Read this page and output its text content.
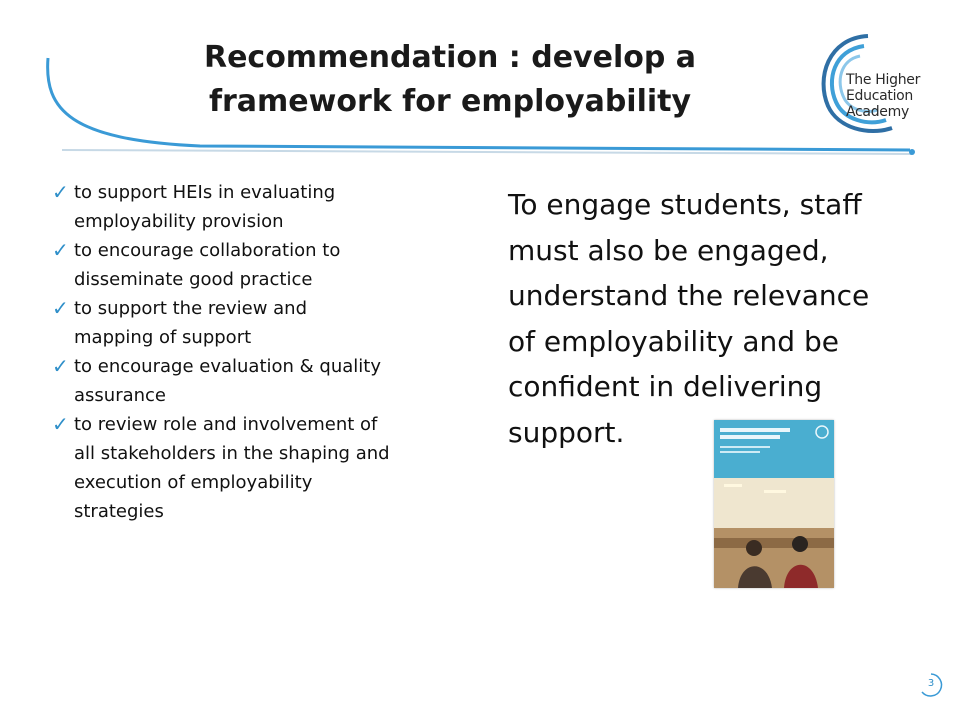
Recommendation : develop a
framework for employability
The Higher
Education
Academy
✓ to support HEIs in evaluating
employability provision
✓ to encourage collaboration to
disseminate good practice
✓ to support the review and
mapping of support
✓ to encourage evaluation & quality
assurance
✓ to review role and involvement of
all stakeholders in the shaping and
execution of employability
strategies
To engage students, staff
must also be engaged,
understand the relevance
of employability and be
confident in delivering
support.
3
